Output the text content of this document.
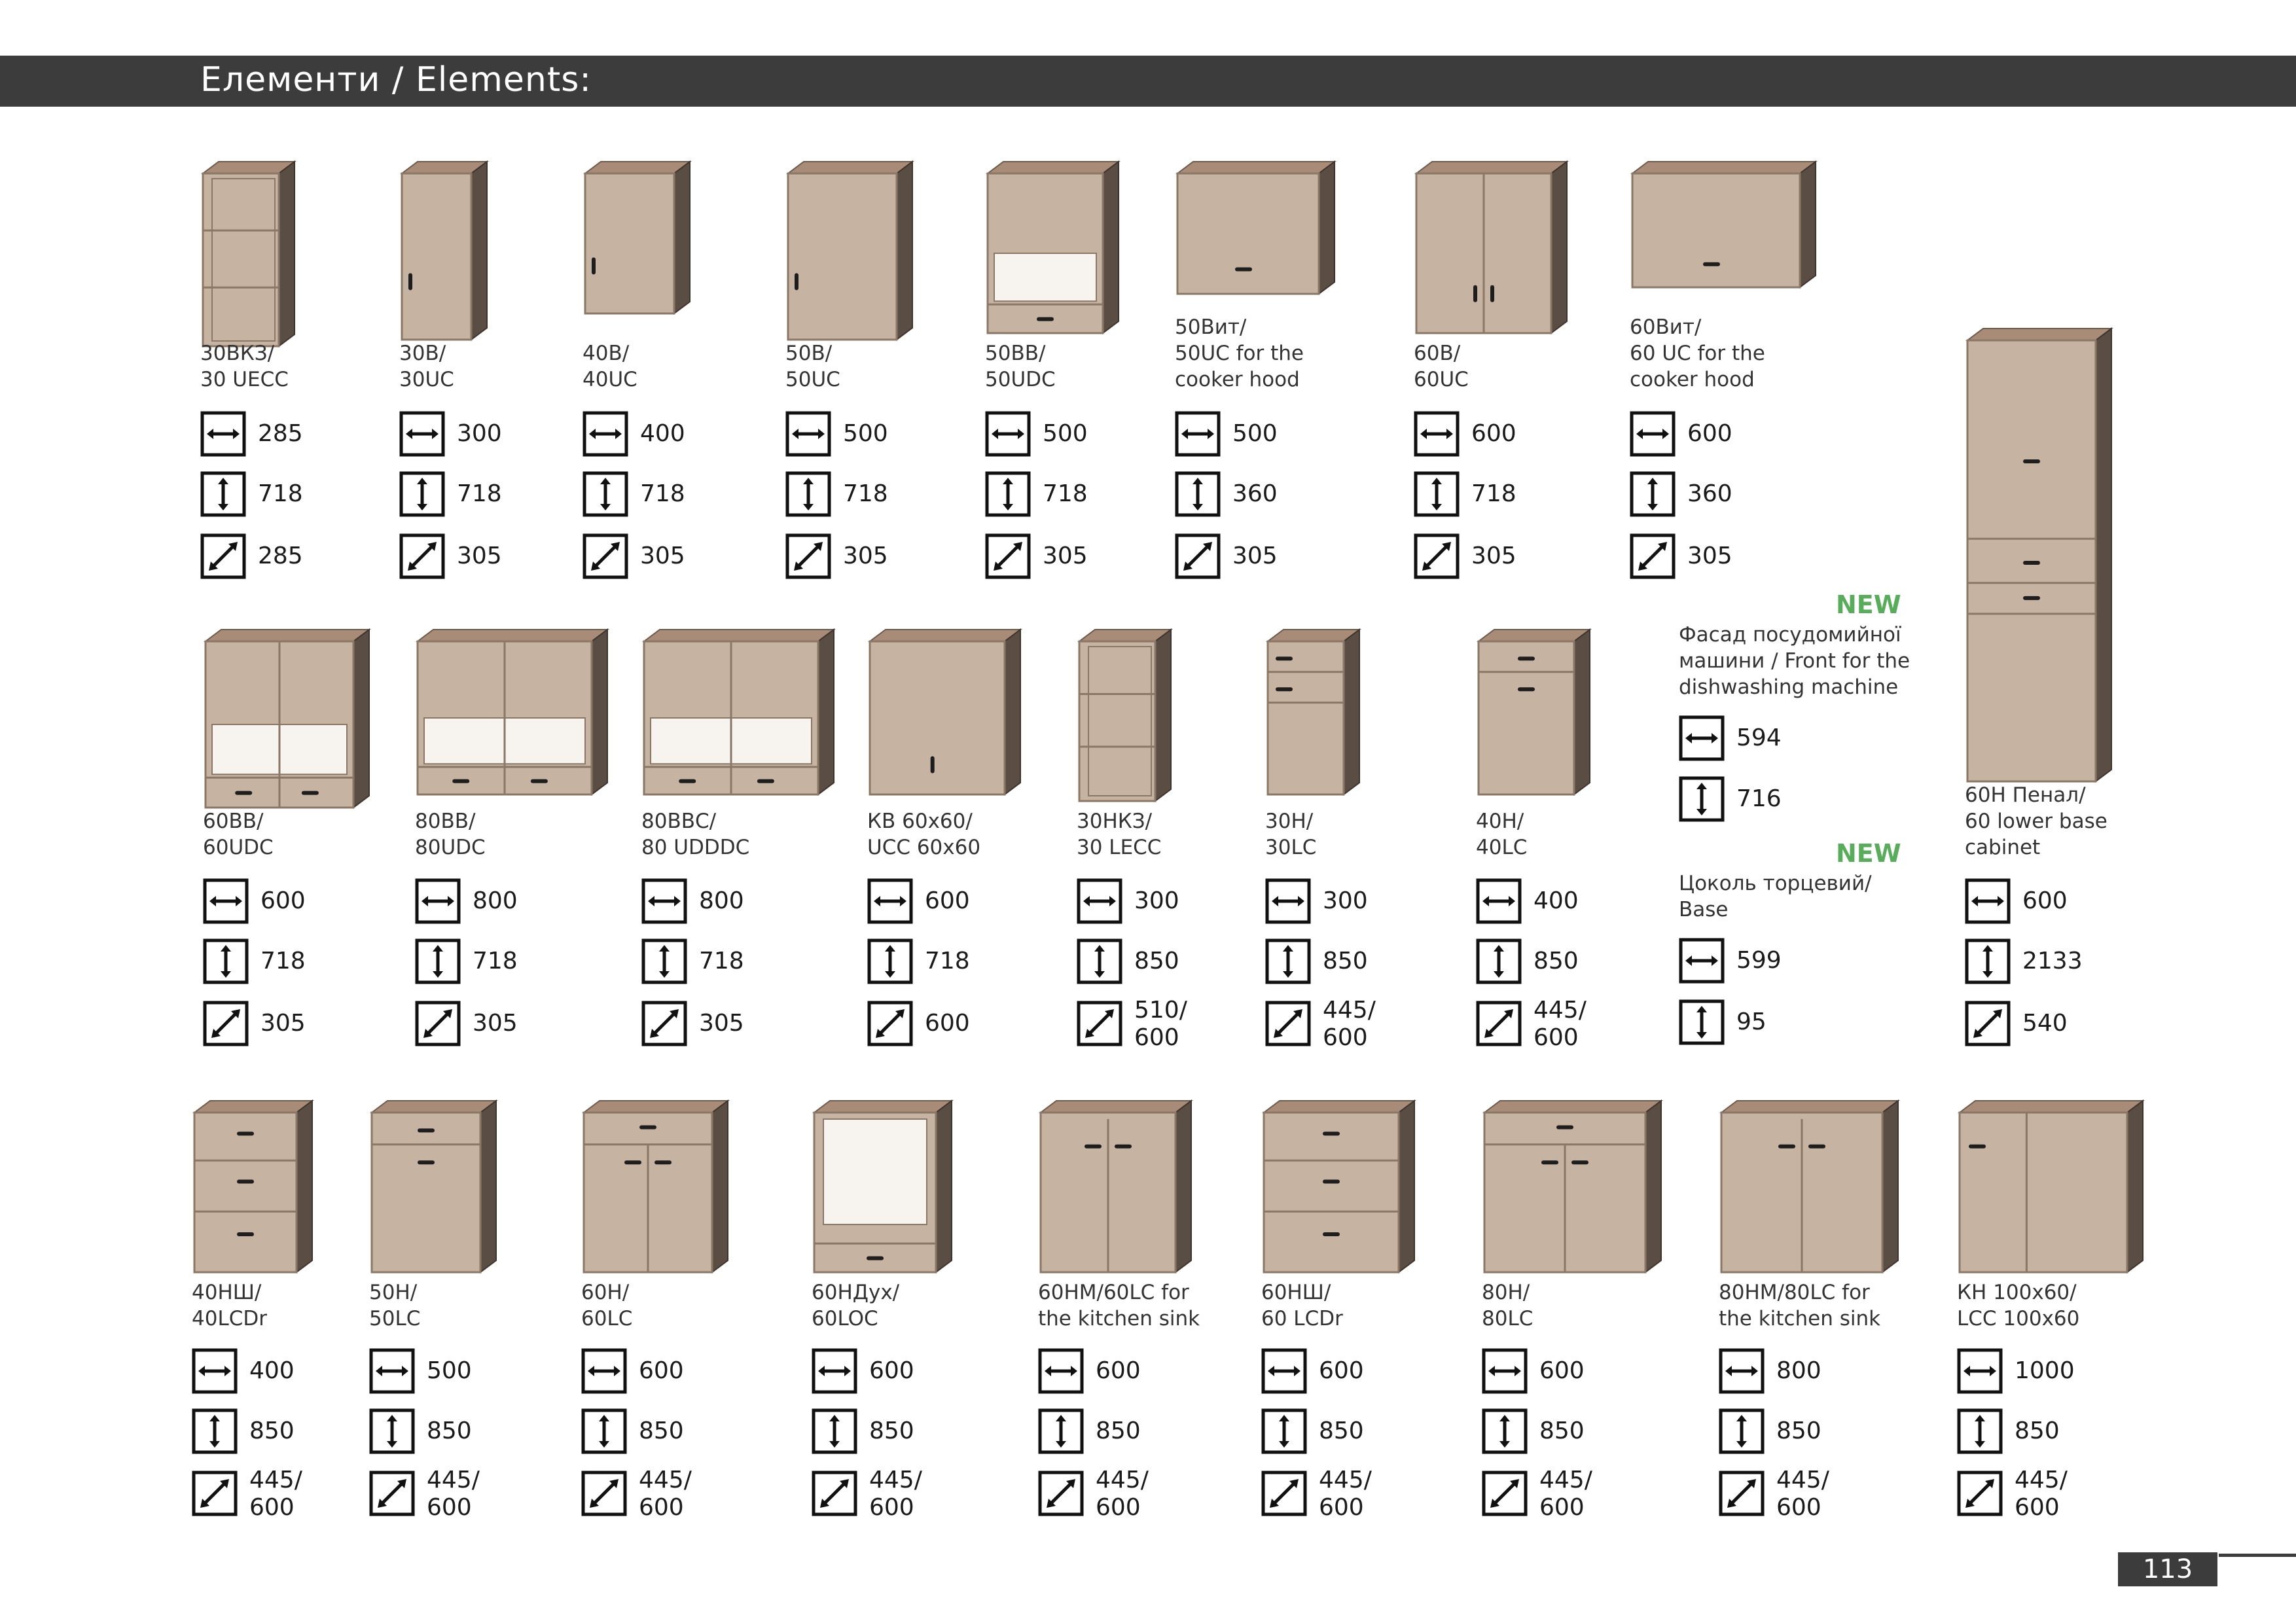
Елементи / Elements:
30ВКЗ/
30 UECC
285
718
285
30В/
30UC
300
718
305
40В/
40UC
400
718
305
50В/
50UC
500
718
305
50ВВ/
50UDC
500
718
305
50Вит/
50UC for the
cooker hood
500
360
305
60В/
60UC
600
718
305
60Вит/
60 UC for the
cooker hood
600
360
305
60ВВ/
60UDC
600
718
305
80ВВ/
80UDC
800
718
305
80ВВС/
80 UDDDC
800
718
305
КВ 60х60/
UCC 60х60
600
718
600
30НКЗ/
30 LECC
300
850
510/
600
30Н/
30LC
300
850
445/
600
40Н/
40LC
400
850
445/
600
NEW
Фасад посудомийної
машини / Front for the
dishwashing machine
594
716
NEW
Цоколь торцевий/
Base
599
95
60Н Пенал/
60 lower base
cabinet
600
2133
540
40НШ/
40LCDr
400
850
445/
600
50Н/
50LC
500
850
445/
600
60Н/
60LC
600
850
445/
600
60НДух/
60LOC
600
850
445/
600
60НМ/60LC for
the kitchen sink
600
850
445/
600
60НШ/
60 LCDr
600
850
445/
600
80Н/
80LC
600
850
445/
600
80НМ/80LC for
the kitchen sink
800
850
445/
600
КН 100х60/
LCC 100х60
1000
850
445/
600
113
